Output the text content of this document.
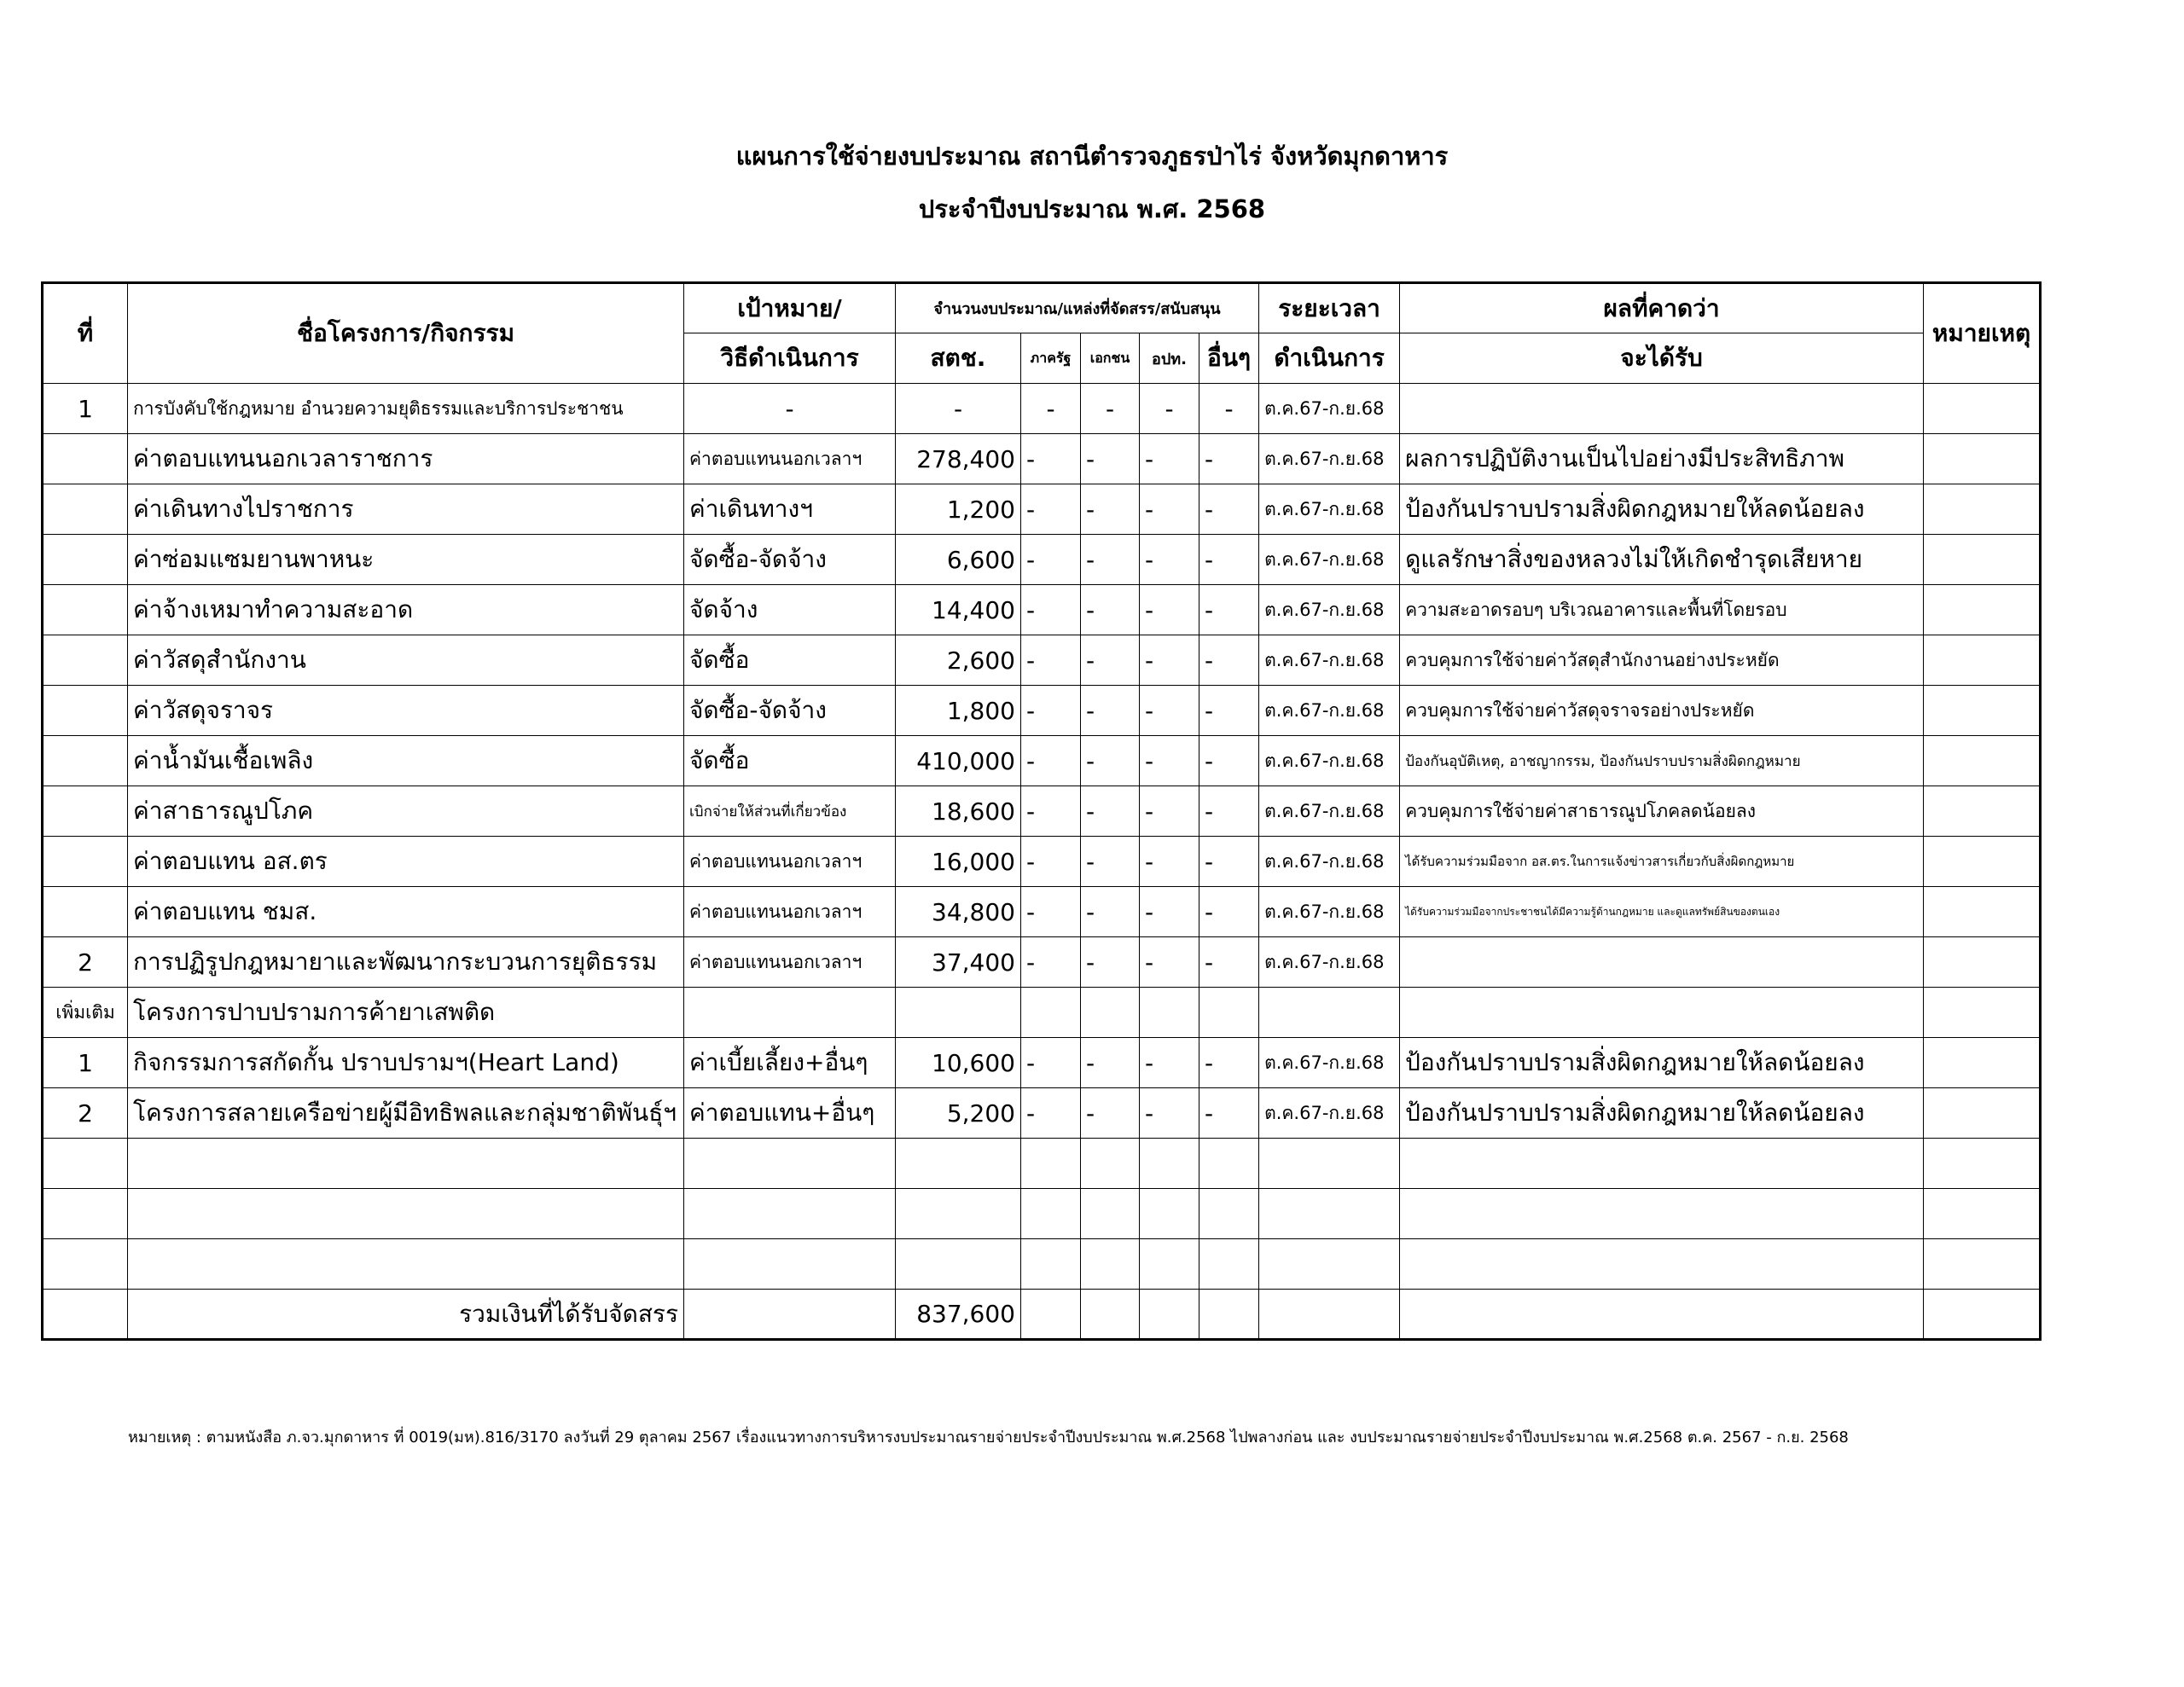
แผนการใช้จ่ายงบประมาณ สถานีตำรวจภูธรป่าไร่ จังหวัดมุกดาหาร
ประจำปีงบประมาณ พ.ศ. 2568
ที่	ชื่อโครงการ/กิจกรรม	เป้าหมาย/	จำนวนงบประมาณ/แหล่งที่จัดสรร/สนับสนุน					ระยะเวลา	ผลที่คาดว่า	หมายเหตุ
		วิธีดำเนินการ	สตช.	ภาครัฐ	เอกชน	อปท.	อื่นๆ	ดำเนินการ	จะได้รับ	
1	การบังคับใช้กฎหมาย อำนวยความยุติธรรมและบริการประชาชน	-	-	-	-	-	-	ต.ค.67-ก.ย.68		
	ค่าตอบแทนนอกเวลาราชการ	ค่าตอบแทนนอกเวลาฯ	278,400	-	-	-	-	ต.ค.67-ก.ย.68	ผลการปฏิบัติงานเป็นไปอย่างมีประสิทธิภาพ	
	ค่าเดินทางไปราชการ	ค่าเดินทางฯ	1,200	-	-	-	-	ต.ค.67-ก.ย.68	ป้องกันปราบปรามสิ่งผิดกฎหมายให้ลดน้อยลง	
	ค่าซ่อมแซมยานพาหนะ	จัดซื้อ-จัดจ้าง	6,600	-	-	-	-	ต.ค.67-ก.ย.68	ดูแลรักษาสิ่งของหลวงไม่ให้เกิดชำรุดเสียหาย	
	ค่าจ้างเหมาทำความสะอาด	จัดจ้าง	14,400	-	-	-	-	ต.ค.67-ก.ย.68	ความสะอาดรอบๆ บริเวณอาคารและพื้นที่โดยรอบ	
	ค่าวัสดุสำนักงาน	จัดซื้อ	2,600	-	-	-	-	ต.ค.67-ก.ย.68	ควบคุมการใช้จ่ายค่าวัสดุสำนักงานอย่างประหยัด	
	ค่าวัสดุจราจร	จัดซื้อ-จัดจ้าง	1,800	-	-	-	-	ต.ค.67-ก.ย.68	ควบคุมการใช้จ่ายค่าวัสดุจราจรอย่างประหยัด	
	ค่าน้ำมันเชื้อเพลิง	จัดซื้อ	410,000	-	-	-	-	ต.ค.67-ก.ย.68	ป้องกันอุบัติเหตุ, อาชญากรรม, ป้องกันปราบปรามสิ่งผิดกฎหมาย	
	ค่าสาธารณูปโภค	เบิกจ่ายให้ส่วนที่เกี่ยวข้อง	18,600	-	-	-	-	ต.ค.67-ก.ย.68	ควบคุมการใช้จ่ายค่าสาธารณูปโภคลดน้อยลง	
	ค่าตอบแทน อส.ตร	ค่าตอบแทนนอกเวลาฯ	16,000	-	-	-	-	ต.ค.67-ก.ย.68	ได้รับความร่วมมือจาก อส.ตร.ในการแจ้งข่าวสารเกี่ยวกับสิ่งผิดกฎหมาย	
	ค่าตอบแทน ชมส.	ค่าตอบแทนนอกเวลาฯ	34,800	-	-	-	-	ต.ค.67-ก.ย.68	ได้รับความร่วมมือจากประชาชนได้มีความรู้ด้านกฎหมาย และดูแลทรัพย์สินของตนเอง	
2	การปฏิรูปกฎหมายาและพัฒนากระบวนการยุติธรรม	ค่าตอบแทนนอกเวลาฯ	37,400	-	-	-	-	ต.ค.67-ก.ย.68		
เพิ่มเติม	โครงการปาบปรามการค้ายาเสพติด									
1	กิจกรรมการสกัดกั้น ปราบปรามฯ(Heart Land)	ค่าเบี้ยเลี้ยง+อื่นๆ	10,600	-	-	-	-	ต.ค.67-ก.ย.68	ป้องกันปราบปรามสิ่งผิดกฎหมายให้ลดน้อยลง	
2	โครงการสลายเครือข่ายผู้มีอิทธิพลและกลุ่มชาติพันธุ์ฯ	ค่าตอบแทน+อื่นๆ	5,200	-	-	-	-	ต.ค.67-ก.ย.68	ป้องกันปราบปรามสิ่งผิดกฎหมายให้ลดน้อยลง	

	รวมเงินที่ได้รับจัดสรร		837,600							
หมายเหตุ : ตามหนังสือ ภ.จว.มุกดาหาร ที่ 0019(มห).816/3170 ลงวันที่ 29 ตุลาคม 2567 เรื่องแนวทางการบริหารงบประมาณรายจ่ายประจำปีงบประมาณ พ.ศ.2568 ไปพลางก่อน และ งบประมาณรายจ่ายประจำปีงบประมาณ พ.ศ.2568 ต.ค. 2567 - ก.ย. 2568
